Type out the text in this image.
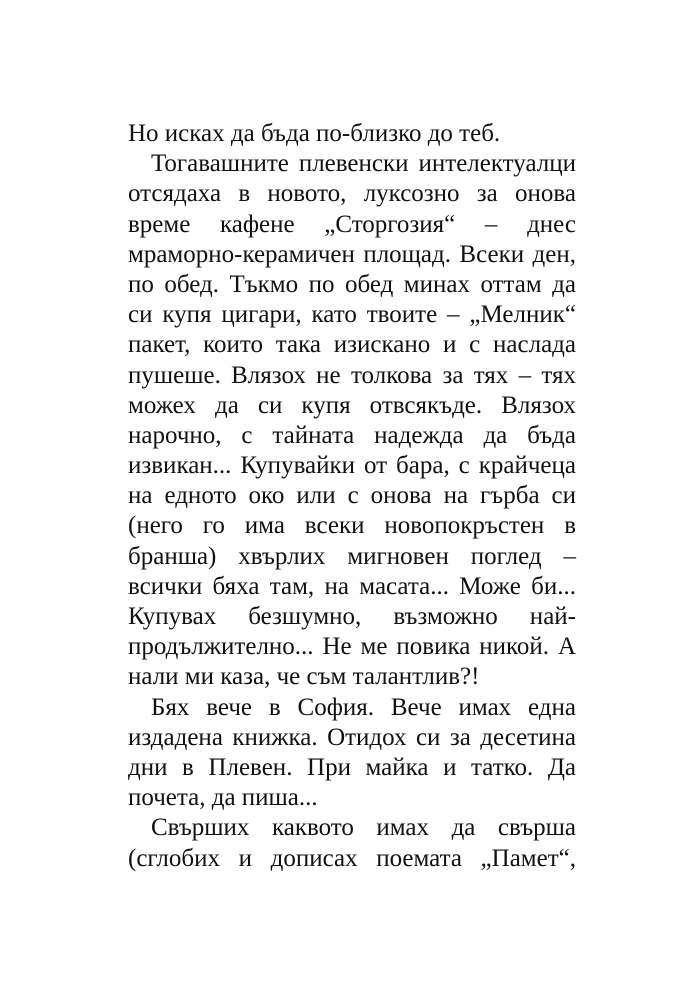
Но исках да бъда по-близко до теб.
Тогавашните плевенски интелектуалци
отсядаха в новото, луксозно за онова
време кафене „Сторгозия“ – днес
мраморно-керамичен площад. Всеки ден,
по обед. Тъкмо по обед минах оттам да
си купя цигари, като твоите – „Мелник“
пакет, които така изискано и с наслада
пушеше. Влязох не толкова за тях – тях
можех да си купя отвсякъде. Влязох
нарочно, с тайната надежда да бъда
извикан... Купувайки от бара, с крайчеца
на едното око или с онова на гърба си
(него го има всеки новопокръстен в
бранша) хвърлих мигновен поглед –
всички бяха там, на масата... Може би...
Купувах безшумно, възможно най-
продължително... Не ме повика никой. А
нали ми каза, че съм талантлив?!
Бях вече в София. Вече имах една
издадена книжка. Отидох си за десетина
дни в Плевен. При майка и татко. Да
почета, да пиша...
Свърших каквото имах да свърша
(сглобих и дописах поемата „Памет“,
